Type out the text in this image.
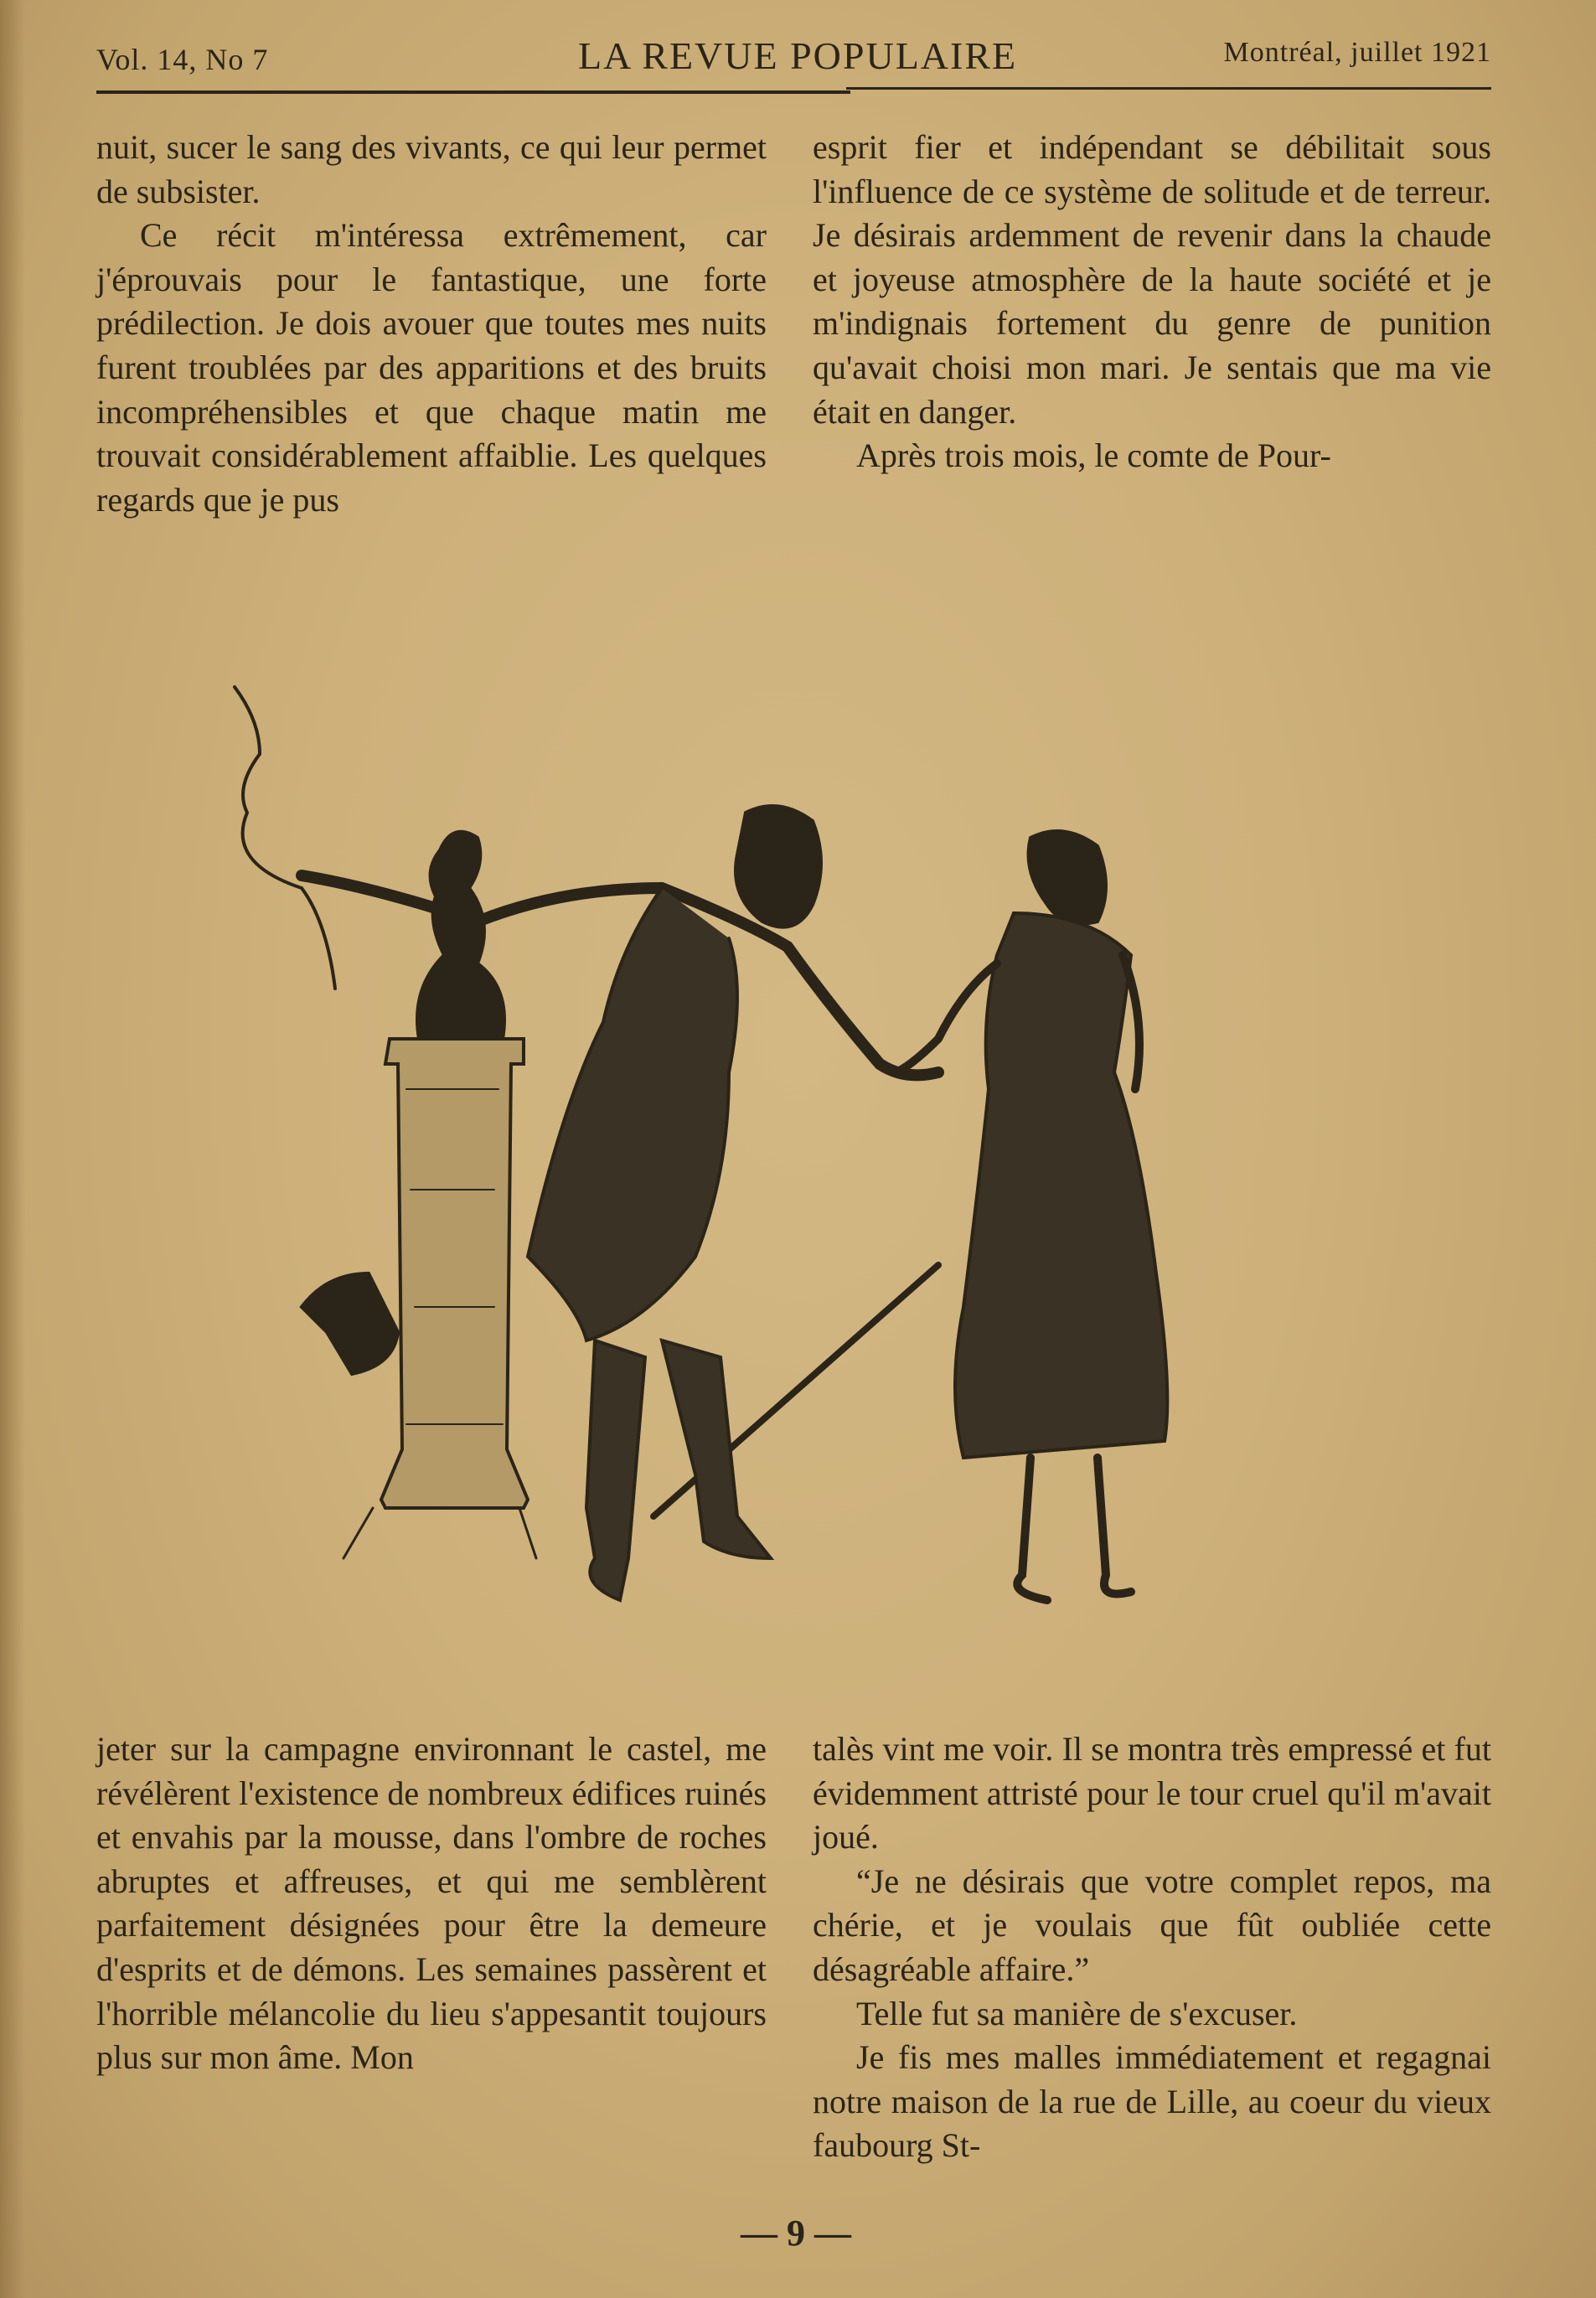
Vol. 14, No 7	LA REVUE POPULAIRE	Montréal, juillet 1921

nuit, sucer le sang des vivants, ce qui leur permet de subsister.

Ce récit m'intéressa extrêmement, car j'éprouvais pour le fantastique, une forte prédilection. Je dois avouer que toutes mes nuits furent troublées par des apparitions et des bruits incompréhensibles et que chaque matin me trouvait considérablement affaiblie. Les quelques regards que je pus

esprit fier et indépendant se débilitait sous l'influence de ce système de solitude et de terreur. Je désirais ardemment de revenir dans la chaude et joyeuse atmosphère de la haute société et je m'indignais fortement du genre de punition qu'avait choisi mon mari. Je sentais que ma vie était en danger.

Après trois mois, le comte de Pour-

jeter sur la campagne environnant le castel, me révélèrent l'existence de nombreux édifices ruinés et envahis par la mousse, dans l'ombre de roches abruptes et affreuses, et qui me semblèrent parfaitement désignées pour être la demeure d'esprits et de démons. Les semaines passèrent et l'horrible mélancolie du lieu s'appesantit toujours plus sur mon âme. Mon

talès vint me voir. Il se montra très empressé et fut évidemment attristé pour le tour cruel qu'il m'avait joué.

“Je ne désirais que votre complet repos, ma chérie, et je voulais que fût oubliée cette désagréable affaire.”

Telle fut sa manière de s'excuser.

Je fis mes malles immédiatement et regagnai notre maison de la rue de Lille, au coeur du vieux faubourg St-

— 9 —
